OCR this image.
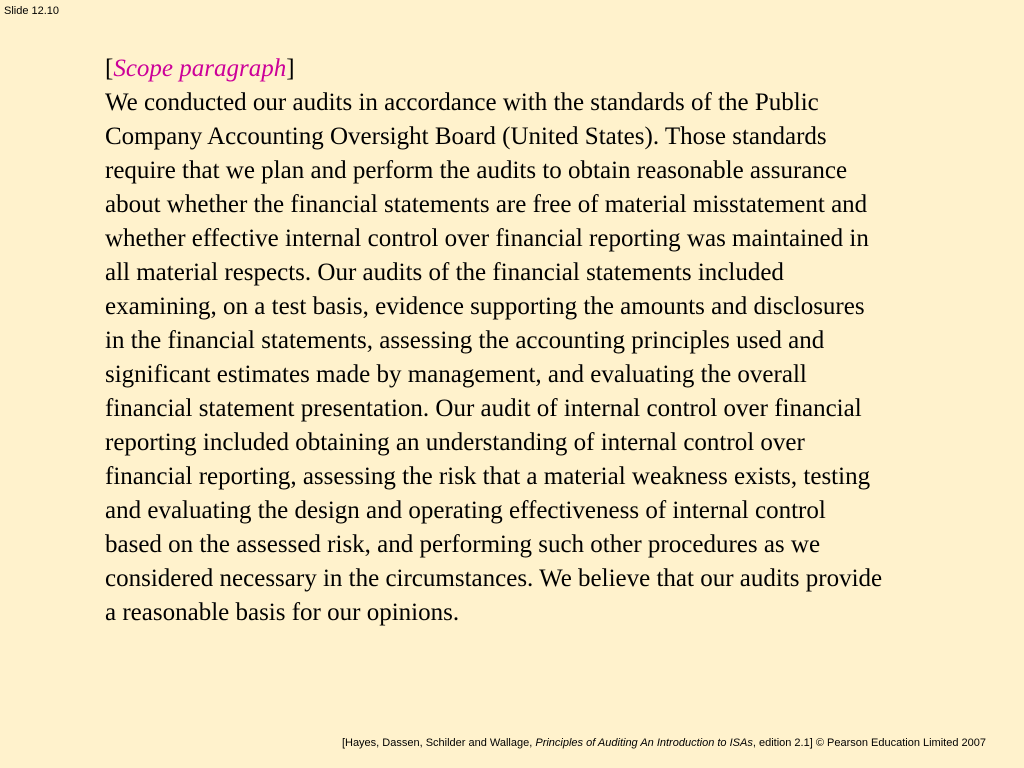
Slide 12.10
[Scope paragraph]

We conducted our audits in accordance with the standards of the Public
Company Accounting Oversight Board (United States). Those standards
require that we plan and perform the audits to obtain reasonable assurance
about whether the financial statements are free of material misstatement and
whether effective internal control over financial reporting was maintained in
all material respects. Our audits of the financial statements included
examining, on a test basis, evidence supporting the amounts and disclosures
in the financial statements, assessing the accounting principles used and
significant estimates made by management, and evaluating the overall
financial statement presentation. Our audit of internal control over financial
reporting included obtaining an understanding of internal control over
financial reporting, assessing the risk that a material weakness exists, testing
and evaluating the design and operating effectiveness of internal control
based on the assessed risk, and performing such other procedures as we
considered necessary in the circumstances. We believe that our audits provide
a reasonable basis for our opinions.

[Hayes, Dassen, Schilder and Wallage, Principles of Auditing An Introduction to ISAs, edition 2.1] © Pearson Education Limited 2007
